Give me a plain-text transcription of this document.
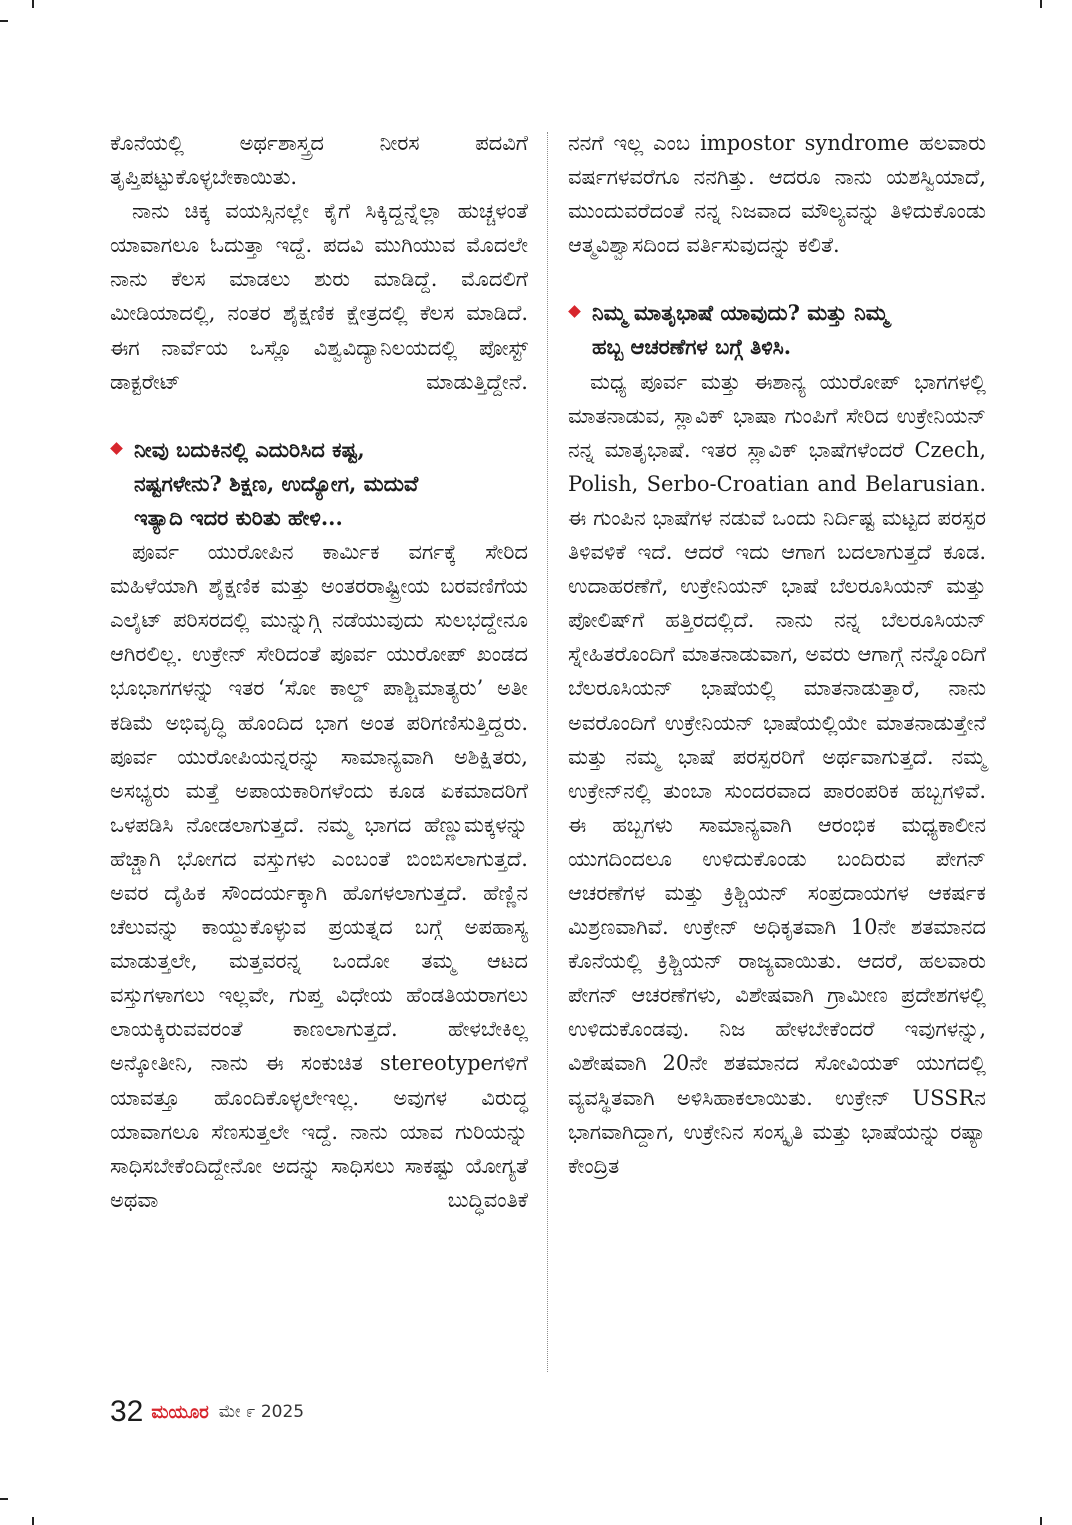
ಕೊನೆಯಲ್ಲಿ ಅರ್ಥಶಾಸ್ತ್ರದ ನೀರಸ ಪದವಿಗೆ ತೃಪ್ತಿಪಟ್ಟುಕೊಳ್ಳಬೇಕಾಯಿತು.

ನಾನು ಚಿಕ್ಕ ವಯಸ್ಸಿನಲ್ಲೇ ಕೈಗೆ ಸಿಕ್ಕಿದ್ದನ್ನೆಲ್ಲಾ ಹುಚ್ಚಳಂತೆ ಯಾವಾಗಲೂ ಓದುತ್ತಾ ಇದ್ದೆ. ಪದವಿ ಮುಗಿಯುವ ಮೊದಲೇ ನಾನು ಕೆಲಸ ಮಾಡಲು ಶುರು ಮಾಡಿದ್ದೆ. ಮೊದಲಿಗೆ ಮೀಡಿಯಾದಲ್ಲಿ, ನಂತರ ಶೈಕ್ಷಣಿಕ ಕ್ಷೇತ್ರದಲ್ಲಿ ಕೆಲಸ ಮಾಡಿದೆ. ಈಗ ನಾರ್ವೆಯ ಒಸ್ಲೊ ವಿಶ್ವವಿದ್ಯಾನಿಲಯದಲ್ಲಿ ಪೋಸ್ಟ್ ಡಾಕ್ಟರೇಟ್ ಮಾಡುತ್ತಿದ್ದೇನೆ.

ನೀವು ಬದುಕಿನಲ್ಲಿ ಎದುರಿಸಿದ ಕಷ್ಟ,
ನಷ್ಟಗಳೇನು? ಶಿಕ್ಷಣ, ಉದ್ಯೋಗ, ಮದುವೆ
ಇತ್ಯಾದಿ ಇದರ ಕುರಿತು ಹೇಳಿ...

ಪೂರ್ವ ಯುರೋಪಿನ ಕಾರ್ಮಿಕ ವರ್ಗಕ್ಕೆ ಸೇರಿದ ಮಹಿಳೆಯಾಗಿ ಶೈಕ್ಷಣಿಕ ಮತ್ತು ಅಂತರರಾಷ್ಟ್ರೀಯ ಬರವಣಿಗೆಯ ಎಲೈಟ್ ಪರಿಸರದಲ್ಲಿ ಮುನ್ನುಗ್ಗಿ ನಡೆಯುವುದು ಸುಲಭದ್ದೇನೂ ಆಗಿರಲಿಲ್ಲ. ಉಕ್ರೇನ್ ಸೇರಿದಂತೆ ಪೂರ್ವ ಯುರೋಪ್ ಖಂಡದ ಭೂಭಾಗಗಳನ್ನು ಇತರ ‘ಸೋ ಕಾಲ್ಡ್ ಪಾಶ್ಚಿಮಾತ್ಯರು’ ಅತೀ ಕಡಿಮೆ ಅಭಿವೃದ್ಧಿ ಹೊಂದಿದ ಭಾಗ ಅಂತ ಪರಿಗಣಿಸುತ್ತಿದ್ದರು. ಪೂರ್ವ ಯುರೋಪಿಯನ್ನರನ್ನು ಸಾಮಾನ್ಯವಾಗಿ ಅಶಿಕ್ಷಿತರು, ಅಸಭ್ಯರು ಮತ್ತೆ ಅಪಾಯಕಾರಿಗಳೆಂದು ಕೂಡ ಏಕಮಾದರಿಗೆ ಒಳಪಡಿಸಿ ನೋಡಲಾಗುತ್ತದೆ. ನಮ್ಮ ಭಾಗದ ಹೆಣ್ಣುಮಕ್ಕಳನ್ನು ಹೆಚ್ಚಾಗಿ ಭೋಗದ ವಸ್ತುಗಳು ಎಂಬಂತೆ ಬಿಂಬಿಸಲಾಗುತ್ತದೆ. ಅವರ ದೈಹಿಕ ಸೌಂದರ್ಯಕ್ಕಾಗಿ ಹೊಗಳಲಾಗುತ್ತದೆ. ಹೆಣ್ಣಿನ ಚೆಲುವನ್ನು ಕಾಯ್ದುಕೊಳ್ಳುವ ಪ್ರಯತ್ನದ ಬಗ್ಗೆ ಅಪಹಾಸ್ಯ ಮಾಡುತ್ತಲೇ, ಮತ್ತವರನ್ನ ಒಂದೋ ತಮ್ಮ ಆಟದ ವಸ್ತುಗಳಾಗಲು ಇಲ್ಲವೇ, ಗುಪ್ತ ವಿಧೇಯ ಹೆಂಡತಿಯರಾಗಲು ಲಾಯಕ್ಕಿರುವವರಂತೆ ಕಾಣಲಾಗುತ್ತದೆ. ಹೇಳಬೇಕಿಲ್ಲ ಅನ್ಕೋತೀನಿ, ನಾನು ಈ ಸಂಕುಚಿತ stereotypeಗಳಿಗೆ ಯಾವತ್ತೂ ಹೊಂದಿಕೊಳ್ಳಲೇಇಲ್ಲ. ಅವುಗಳ ವಿರುದ್ಧ ಯಾವಾಗಲೂ ಸೆಣಸುತ್ತಲೇ ಇದ್ದೆ. ನಾನು ಯಾವ ಗುರಿಯನ್ನು ಸಾಧಿಸಬೇಕೆಂದಿದ್ದೇನೋ ಅದನ್ನು ಸಾಧಿಸಲು ಸಾಕಷ್ಟು ಯೋಗ್ಯತೆ ಅಥವಾ ಬುದ್ಧಿವಂತಿಕೆ

ನನಗೆ ಇಲ್ಲ ಎಂಬ impostor syndrome ಹಲವಾರು ವರ್ಷಗಳವರೆಗೂ ನನಗಿತ್ತು. ಆದರೂ ನಾನು ಯಶಸ್ವಿಯಾದೆ, ಮುಂದುವರೆದಂತೆ ನನ್ನ ನಿಜವಾದ ಮೌಲ್ಯವನ್ನು ತಿಳಿದುಕೊಂಡು ಆತ್ಮವಿಶ್ವಾಸದಿಂದ ವರ್ತಿಸುವುದನ್ನು ಕಲಿತೆ.

ನಿಮ್ಮ ಮಾತೃಭಾಷೆ ಯಾವುದು? ಮತ್ತು ನಿಮ್ಮ
ಹಬ್ಬ ಆಚರಣೆಗಳ ಬಗ್ಗೆ ತಿಳಿಸಿ.

ಮಧ್ಯ ಪೂರ್ವ ಮತ್ತು ಈಶಾನ್ಯ ಯುರೋಪ್ ಭಾಗಗಳಲ್ಲಿ ಮಾತನಾಡುವ, ಸ್ಲಾವಿಕ್ ಭಾಷಾ ಗುಂಪಿಗೆ ಸೇರಿದ ಉಕ್ರೇನಿಯನ್ ನನ್ನ ಮಾತೃಭಾಷೆ. ಇತರ ಸ್ಲಾವಿಕ್ ಭಾಷೆಗಳೆಂದರೆ Czech, Polish, Serbo-Croatian and Belarusian. ಈ ಗುಂಪಿನ ಭಾಷೆಗಳ ನಡುವೆ ಒಂದು ನಿರ್ದಿಷ್ಟ ಮಟ್ಟದ ಪರಸ್ಪರ ತಿಳಿವಳಿಕೆ ಇದೆ. ಆದರೆ ಇದು ಆಗಾಗ ಬದಲಾಗುತ್ತದೆ ಕೂಡ. ಉದಾಹರಣೆಗೆ, ಉಕ್ರೇನಿಯನ್ ಭಾಷೆ ಬೆಲರೂಸಿಯನ್ ಮತ್ತು ಪೋಲಿಷ್‌ಗೆ ಹತ್ತಿರದಲ್ಲಿದೆ. ನಾನು ನನ್ನ ಬೆಲರೂಸಿಯನ್ ಸ್ನೇಹಿತರೊಂದಿಗೆ ಮಾತನಾಡುವಾಗ, ಅವರು ಆಗಾಗ್ಗೆ ನನ್ನೊಂದಿಗೆ ಬೆಲರೂಸಿಯನ್ ಭಾಷೆಯಲ್ಲಿ ಮಾತನಾಡುತ್ತಾರೆ, ನಾನು ಅವರೊಂದಿಗೆ ಉಕ್ರೇನಿಯನ್ ಭಾಷೆಯಲ್ಲಿಯೇ ಮಾತನಾಡುತ್ತೇನೆ ಮತ್ತು ನಮ್ಮ ಭಾಷೆ ಪರಸ್ಪರರಿಗೆ ಅರ್ಥವಾಗುತ್ತದೆ. ನಮ್ಮ ಉಕ್ರೇನ್‌ನಲ್ಲಿ ತುಂಬಾ ಸುಂದರವಾದ ಪಾರಂಪರಿಕ ಹಬ್ಬಗಳಿವೆ. ಈ ಹಬ್ಬಗಳು ಸಾಮಾನ್ಯವಾಗಿ ಆರಂಭಿಕ ಮಧ್ಯಕಾಲೀನ ಯುಗದಿಂದಲೂ ಉಳಿದುಕೊಂಡು ಬಂದಿರುವ ಪೇಗನ್ ಆಚರಣೆಗಳ ಮತ್ತು ಕ್ರಿಶ್ಚಿಯನ್ ಸಂಪ್ರದಾಯಗಳ ಆಕರ್ಷಕ ಮಿಶ್ರಣವಾಗಿವೆ. ಉಕ್ರೇನ್ ಅಧಿಕೃತವಾಗಿ 10ನೇ ಶತಮಾನದ ಕೊನೆಯಲ್ಲಿ ಕ್ರಿಶ್ಚಿಯನ್ ರಾಜ್ಯವಾಯಿತು. ಆದರೆ, ಹಲವಾರು ಪೇಗನ್ ಆಚರಣೆಗಳು, ವಿಶೇಷವಾಗಿ ಗ್ರಾಮೀಣ ಪ್ರದೇಶಗಳಲ್ಲಿ ಉಳಿದುಕೊಂಡವು. ನಿಜ ಹೇಳಬೇಕೆಂದರೆ ಇವುಗಳನ್ನು, ವಿಶೇಷವಾಗಿ 20ನೇ ಶತಮಾನದ ಸೋವಿಯತ್ ಯುಗದಲ್ಲಿ ವ್ಯವಸ್ಥಿತವಾಗಿ ಅಳಿಸಿಹಾಕಲಾಯಿತು. ಉಕ್ರೇನ್ USSRನ ಭಾಗವಾಗಿದ್ದಾಗ, ಉಕ್ರೇನಿನ ಸಂಸ್ಕೃತಿ ಮತ್ತು ಭಾಷೆಯನ್ನು ರಷ್ಯಾ ಕೇಂದ್ರಿತ

32 ಮಯೂರ ಮೇ ೯ 2025
